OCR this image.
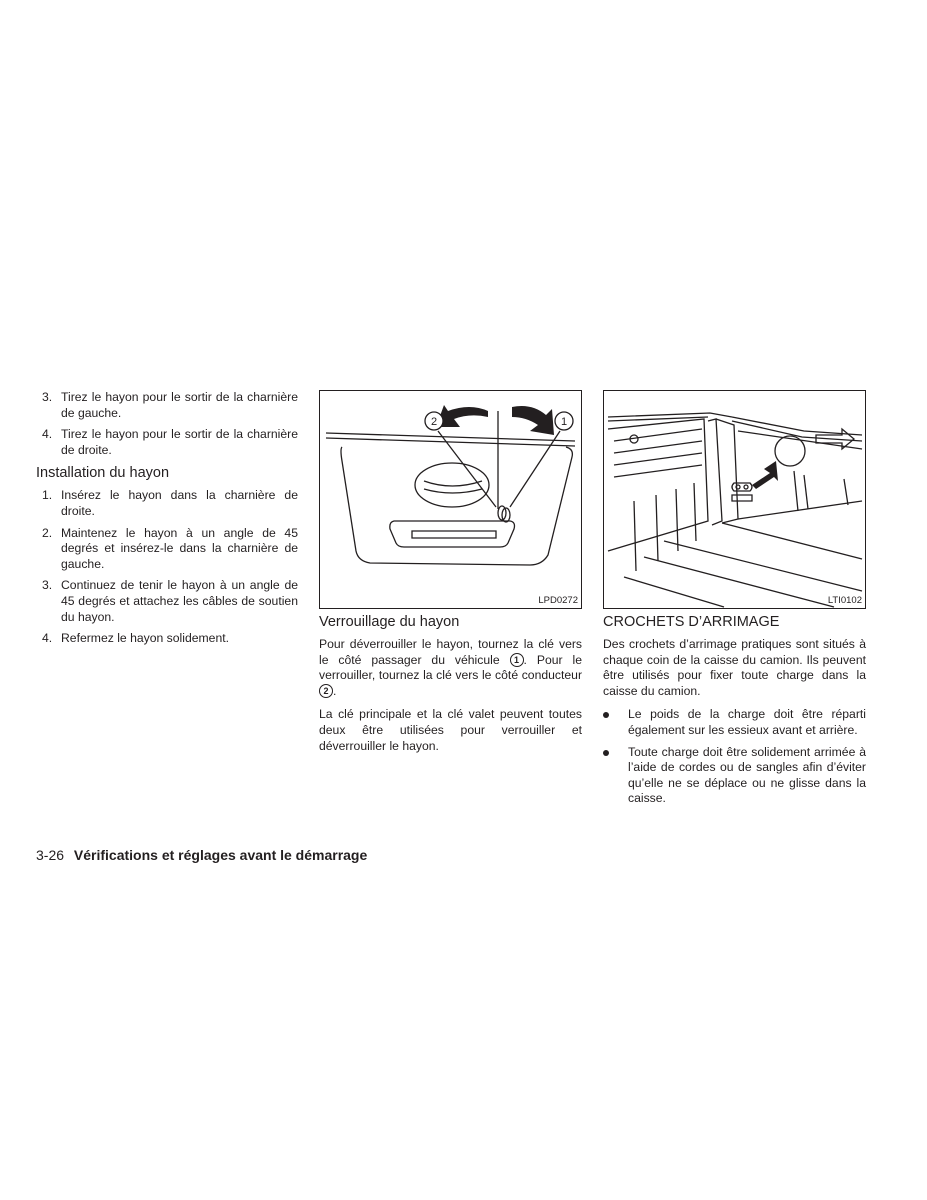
3. Tirez le hayon pour le sortir de la charnière de gauche.
4. Tirez le hayon pour le sortir de la charnière de droite.
Installation du hayon
1. Insérez le hayon dans la charnière de droite.
2. Maintenez le hayon à un angle de 45 degrés et insérez-le dans la charnière de gauche.
3. Continuez de tenir le hayon à un angle de 45 degrés et attachez les câbles de soutien du hayon.
4. Refermez le hayon solidement.
2	1
LPD0272
Verrouillage du hayon

Pour déverrouiller le hayon, tournez la clé vers le côté passager du véhicule 1 . Pour le verrouiller, tournez la clé vers le côté conducteur 2 .

La clé principale et la clé valet peuvent toutes deux être utilisées pour verrouiller et déverrouiller le hayon.

LTI0102
CROCHETS D’ARRIMAGE

Des crochets d’arrimage pratiques sont situés à chaque coin de la caisse du camion. Ils peuvent être utilisés pour fixer toute charge dans la caisse du camion.

Le poids de la charge doit être réparti également sur les essieux avant et arrière.
Toute charge doit être solidement arrimée à l’aide de cordes ou de sangles afin d’éviter qu’elle ne se déplace ou ne glisse dans la caisse.
3-26 Vérifications et réglages avant le démarrage
